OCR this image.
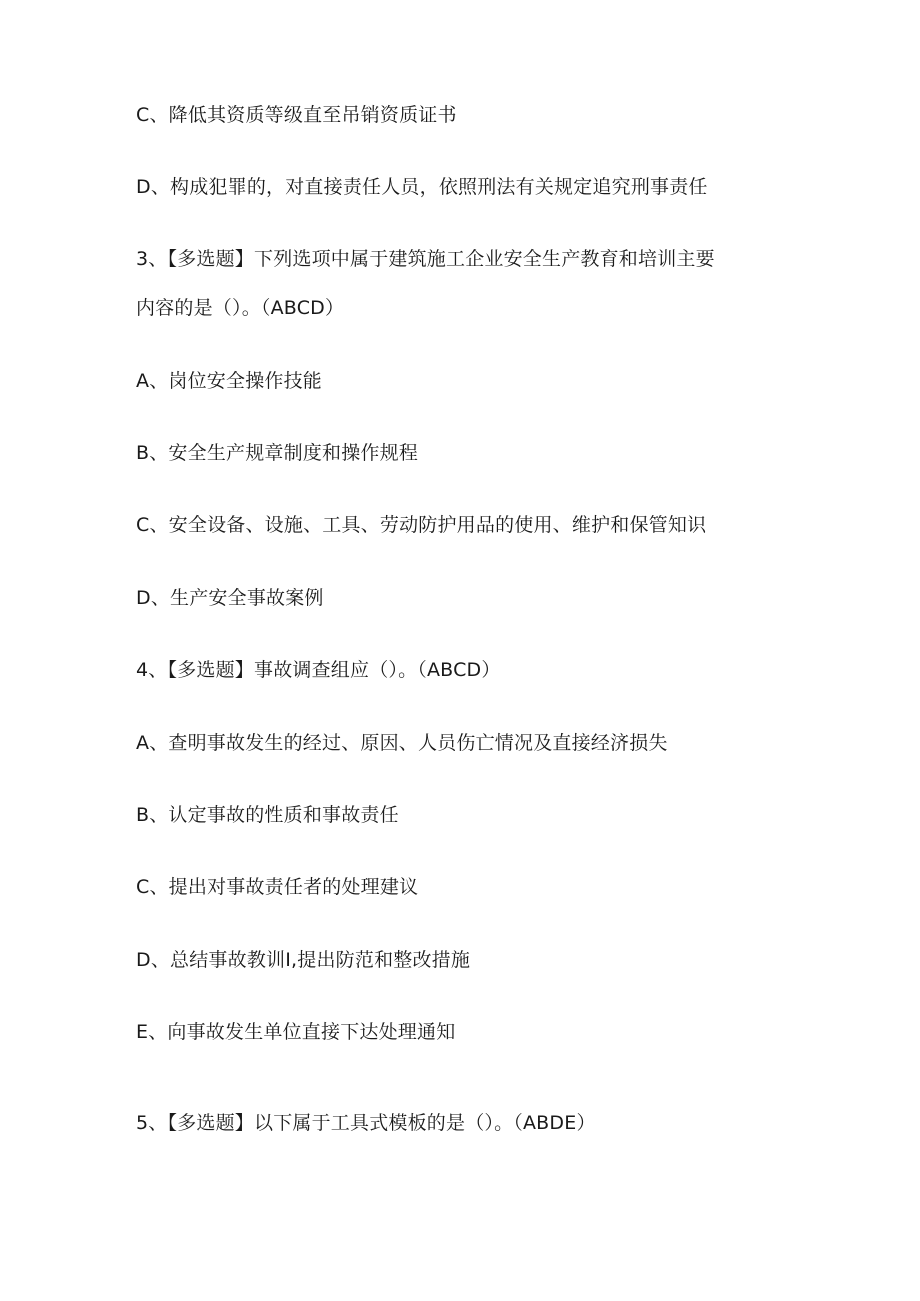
C、降低其资质等级直至吊销资质证书
D、构成犯罪的，对直接责任人员，依照刑法有关规定追究刑事责任
3、【多选题】下列选项中属于建筑施工企业安全生产教育和培训主要
内容的是（）。（ABCD）
A、岗位安全操作技能
B、安全生产规章制度和操作规程
C、安全设备、设施、工具、劳动防护用品的使用、维护和保管知识
D、生产安全事故案例
4、【多选题】事故调查组应（）。（ABCD）
A、查明事故发生的经过、原因、人员伤亡情况及直接经济损失
B、认定事故的性质和事故责任
C、提出对事故责任者的处理建议
D、总结事故教训I,提出防范和整改措施
E、向事故发生单位直接下达处理通知
5、【多选题】以下属于工具式模板的是（）。（ABDE）
